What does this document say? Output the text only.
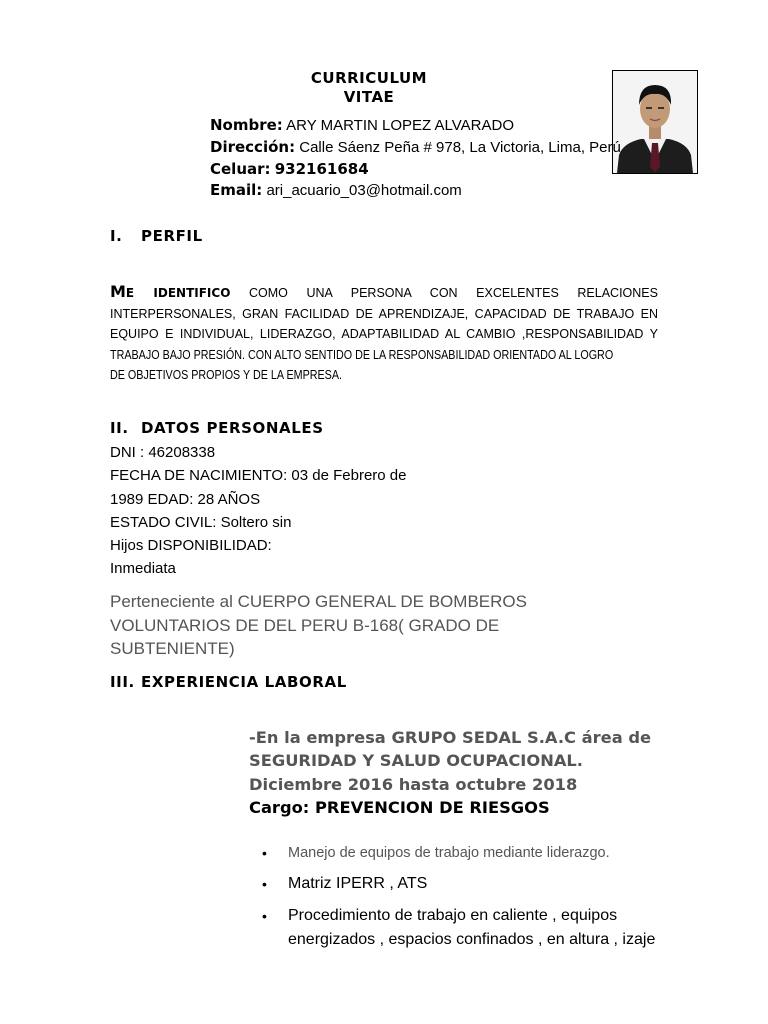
CURRICULUM
VITAE
Nombre: ARY MARTIN LOPEZ ALVARADO
Dirección: Calle Sáenz Peña # 978, La Victoria, Lima, Perú
Celuar: 932161684
Email: ari_acuario_03@hotmail.com
I. PERFIL
ME IDENTIFICO COMO UNA PERSONA CON EXCELENTES RELACIONES
INTERPERSONALES, GRAN FACILIDAD DE APRENDIZAJE, CAPACIDAD DE TRABAJO EN
EQUIPO E INDIVIDUAL, LIDERAZGO, ADAPTABILIDAD AL CAMBIO ,RESPONSABILIDAD Y
TRABAJO BAJO PRESIÓN. CON ALTO SENTIDO DE LA RESPONSABILIDAD ORIENTADO AL LOGRO
DE OBJETIVOS PROPIOS Y DE LA EMPRESA.
II. DATOS PERSONALES
DNI : 46208338
FECHA DE NACIMIENTO: 03 de Febrero de
1989 EDAD: 28 AÑOS
ESTADO CIVIL: Soltero sin
Hijos DISPONIBILIDAD:
Inmediata
Perteneciente al CUERPO GENERAL DE BOMBEROS
VOLUNTARIOS DE DEL PERU B-168( GRADO DE
SUBTENIENTE)
III. EXPERIENCIA LABORAL
-En la empresa GRUPO SEDAL S.A.C área de
SEGURIDAD Y SALUD OCUPACIONAL.
Diciembre 2016 hasta octubre 2018
Cargo: PREVENCION DE RIESGOS
• Manejo de equipos de trabajo mediante liderazgo.
• Matriz IPERR , ATS
• Procedimiento de trabajo en caliente , equipos energizados , espacios confinados , en altura , izaje
